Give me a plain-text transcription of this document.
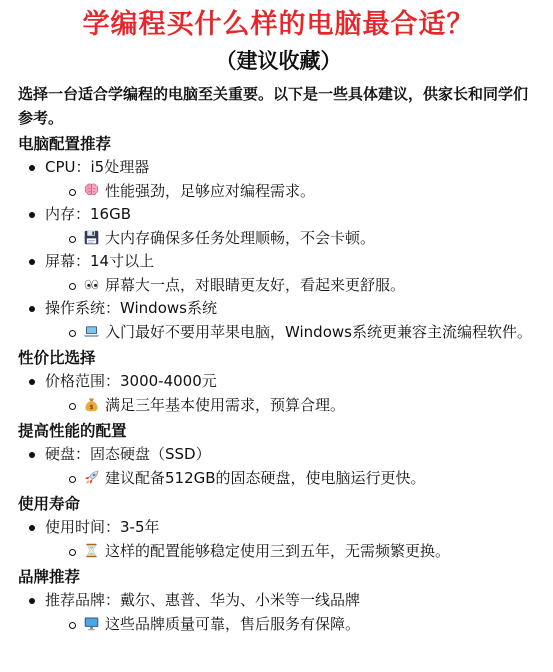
学编程买什么样的电脑最合适？
（建议收藏）
选择一台适合学编程的电脑至关重要。以下是一些具体建议，供家长和同学们参考。
电脑配置推荐
CPU：i5处理器
性能强劲，足够应对编程需求。
内存：16GB
大内存确保多任务处理顺畅，不会卡顿。
屏幕：14寸以上
屏幕大一点，对眼睛更友好，看起来更舒服。
操作系统：Windows系统
入门最好不要用苹果电脑，Windows系统更兼容主流编程软件。
性价比选择
价格范围：3000-4000元
$ 满足三年基本使用需求，预算合理。
提高性能的配置
硬盘：固态硬盘（SSD）
建议配备512GB的固态硬盘，使电脑运行更快。
使用寿命
使用时间：3-5年
这样的配置能够稳定使用三到五年，无需频繁更换。
品牌推荐
推荐品牌：戴尔、惠普、华为、小米等一线品牌
这些品牌质量可靠，售后服务有保障。
